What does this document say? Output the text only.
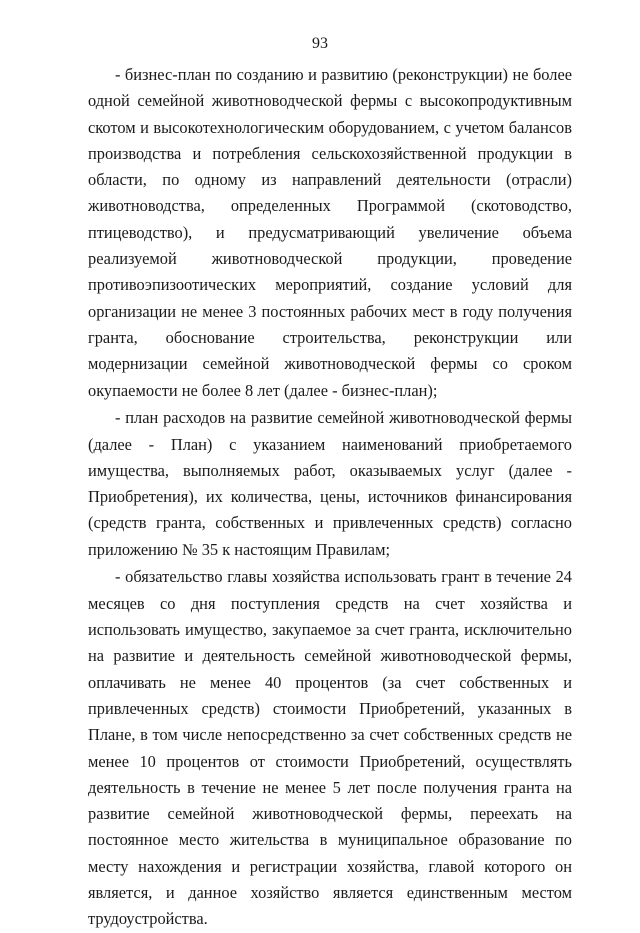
93

- бизнес-план по созданию и развитию (реконструкции) не более одной семейной животноводческой фермы с высокопродуктивным скотом и высокотехнологическим оборудованием, с учетом балансов производства и потребления сельскохозяйственной продукции в области, по одному из направлений деятельности (отрасли) животноводства, определенных Программой (скотоводство, птицеводство), и предусматривающий увеличение объема реализуемой животноводческой продукции, проведение противоэпизоотических мероприятий, создание условий для организации не менее 3 постоянных рабочих мест в году получения гранта, обоснование строительства, реконструкции или модернизации семейной животноводческой фермы со сроком окупаемости не более 8 лет (далее - бизнес-план);

- план расходов на развитие семейной животноводческой фермы (далее - План) с указанием наименований приобретаемого имущества, выполняемых работ, оказываемых услуг (далее - Приобретения), их количества, цены, источников финансирования (средств гранта, собственных и привлеченных средств) согласно приложению № 35 к настоящим Правилам;

- обязательство главы хозяйства использовать грант в течение 24 месяцев со дня поступления средств на счет хозяйства и использовать имущество, закупаемое за счет гранта, исключительно на развитие и деятельность семейной животноводческой фермы, оплачивать не менее 40 процентов (за счет собственных и привлеченных средств) стоимости Приобретений, указанных в Плане, в том числе непосредственно за счет собственных средств не менее 10 процентов от стоимости Приобретений, осуществлять деятельность в течение не менее 5 лет после получения гранта на развитие семейной животноводческой фермы, переехать на постоянное место жительства в муниципальное образование по месту нахождения и регистрации хозяйства, главой которого он является, и данное хозяйство является единственным местом трудоустройства.
